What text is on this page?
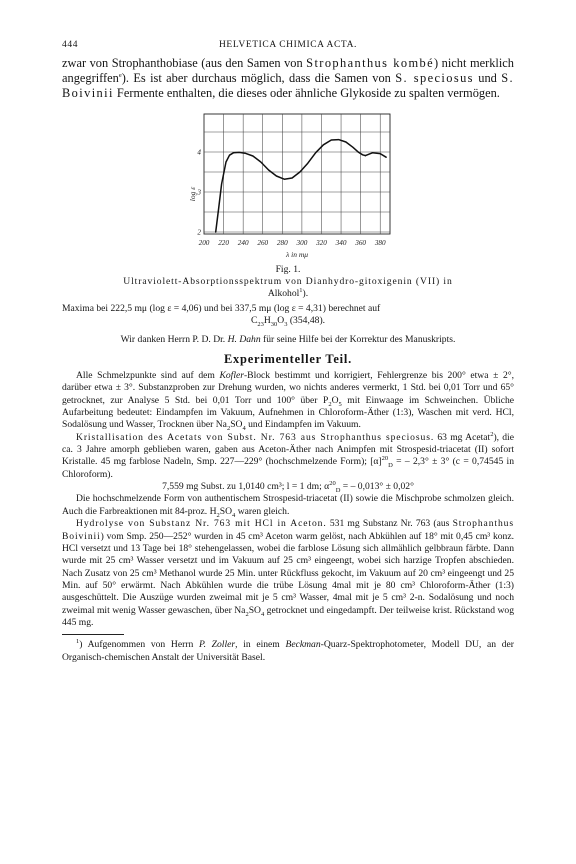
444	HELVETICA CHIMICA ACTA.

zwar von Strophanthobiase (aus den Samen von Strophanthus kombé) nicht merklich angegriffen$^e$). Es ist aber durchaus möglich, dass die Samen von S. speciosus und S. Boivinii Fermente enthalten, die dieses oder ähnliche Glykoside zu spalten vermögen.

200 220 240 260 280 300 320 340 360 380
2
3
4
λ in mμ
log ε

Fig. 1.
Ultraviolett-Absorptionsspektrum von Dianhydro-gitoxigenin (VII) in
Alkohol$^1$).

Maxima bei 222,5 mμ (log ε = 4,06) und bei 337,5 mμ (log ε = 4,31) berechnet auf

$C_{23}H_{30}O_3$ (354,48).

Wir danken Herrn P. D. Dr. H. Dahn für seine Hilfe bei der Korrektur des Manuskripts.

Experimenteller Teil.

Alle Schmelzpunkte sind auf dem Kofler-Block bestimmt und korrigiert, Fehlergrenze bis 200° etwa ± 2°, darüber etwa ± 3°. Substanzproben zur Drehung wurden, wo nichts anderes vermerkt, 1 Std. bei 0,01 Torr und 65° getrocknet, zur Analyse 5 Std. bei 0,01 Torr und 100° über $P_2O_5$ mit Einwaage im Schweinchen. Übliche Aufarbeitung bedeutet: Eindampfen im Vakuum, Aufnehmen in Chloroform-Äther (1:3), Waschen mit verd. HCl, Sodalösung und Wasser, Trocknen über $Na_2SO_4$ und Eindampfen im Vakuum.

Kristallisation des Acetats von Subst. Nr. 763 aus Strophanthus speciosus. 63 mg Acetat$^2$), die ca. 3 Jahre amorph geblieben waren, gaben aus Aceton-Äther nach Animpfen mit Strospesid-triacetat (II) sofort Kristalle. 45 mg farblose Nadeln, Smp. 227—229° (hochschmelzende Form); $[\alpha]^{20}_D$ = – 2,3° ± 3° (c = 0,74545 in Chloroform).

7,559 mg Subst. zu 1,0140 cm³; l = 1 dm; $\alpha^{20}_D$ = – 0,013° ± 0,02°

Die hochschmelzende Form von authentischem Strospesid-triacetat (II) sowie die Mischprobe schmolzen gleich. Auch die Farbreaktionen mit 84-proz. $H_2SO_4$ waren gleich.

Hydrolyse von Substanz Nr. 763 mit HCl in Aceton. 531 mg Substanz Nr. 763 (aus Strophanthus Boivinii) vom Smp. 250—252° wurden in 45 cm³ Aceton warm gelöst, nach Abkühlen auf 18° mit 0,45 cm³ konz. HCl versetzt und 13 Tage bei 18° stehengelassen, wobei die farblose Lösung sich allmählich gelbbraun färbte. Dann wurde mit 25 cm³ Wasser versetzt und im Vakuum auf 25 cm³ eingeengt, wobei sich harzige Tropfen abschieden. Nach Zusatz von 25 cm³ Methanol wurde 25 Min. unter Rückfluss gekocht, im Vakuum auf 20 cm³ eingeengt und 25 Min. auf 50° erwärmt. Nach Abkühlen wurde die trübe Lösung 4mal mit je 80 cm³ Chloroform-Äther (1:3) ausgeschüttelt. Die Auszüge wurden zweimal mit je 5 cm³ Wasser, 4mal mit je 5 cm³ 2-n. Sodalösung und noch zweimal mit wenig Wasser gewaschen, über $Na_2SO_4$ getrocknet und eingedampft. Der teilweise krist. Rückstand wog 445 mg.

$^1$) Aufgenommen von Herrn P. Zoller, in einem Beckman-Quarz-Spektrophotometer, Modell DU, an der Organisch-chemischen Anstalt der Universität Basel.
